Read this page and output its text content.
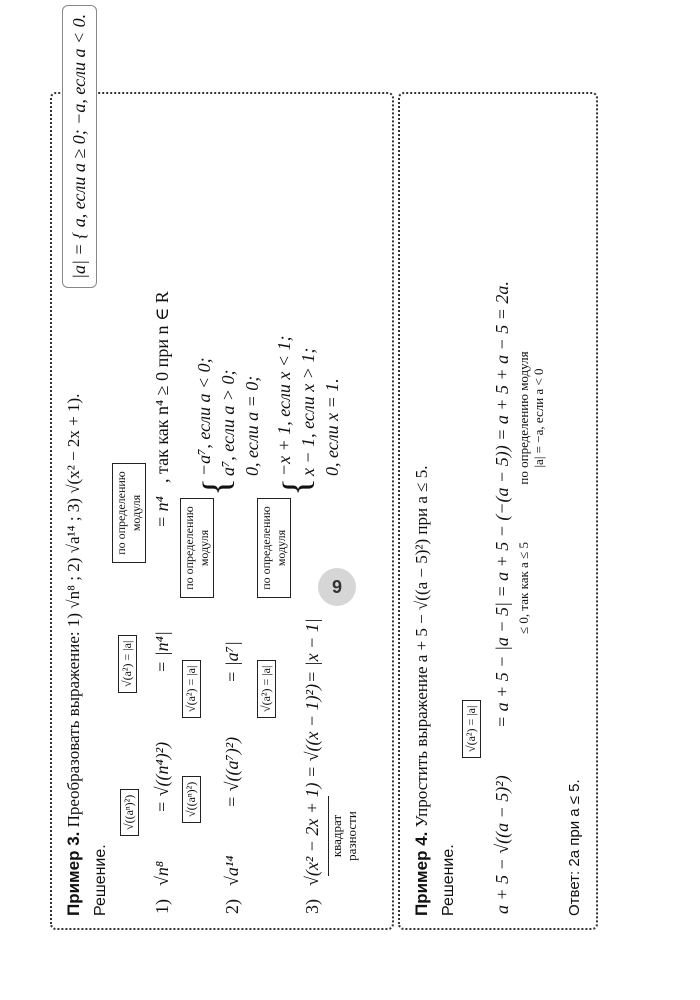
Пример 3. Преобразовать выражение: 1) √n⁸ ; 2) √a¹⁴ ; 3) √(x² − 2x + 1).
|a| = { a, если a ≥ 0; −a, если a < 0.
Решение.
√((aⁿ)²)
√(a²) = |a|
по определению модуля
1)
√n⁸
= √((n⁴)²)
= |n⁴|
= n⁴
, так как n⁴ ≥ 0 при n ∈ R
√((aⁿ)²)
√(a²) = |a|
по определению модуля
2)
√a¹⁴
= √((a⁷)²)
= |a⁷|
{
−a⁷, если a < 0; a⁷, если a > 0; 0, если a = 0;
√(a²) = |a|
по определению модуля
3)
√(x² − 2x + 1) = √((x − 1)²) квадрат разности
= |x − 1|
{
−x + 1, если x < 1; x − 1, если x > 1; 0, если x = 1.
Пример 4. Упростить выражение a + 5 − √((a − 5)²) при a ≤ 5.
Решение.
√(a²) = |a|
a + 5 − √((a − 5)²)
= a + 5 − |a − 5| = a + 5 − (−(a − 5)) = a + 5 + a − 5 = 2a. ≤ 0, так как a ≤ 5
по определению модуля |a| = −a, если a < 0
Ответ: 2a при a ≤ 5.
9
